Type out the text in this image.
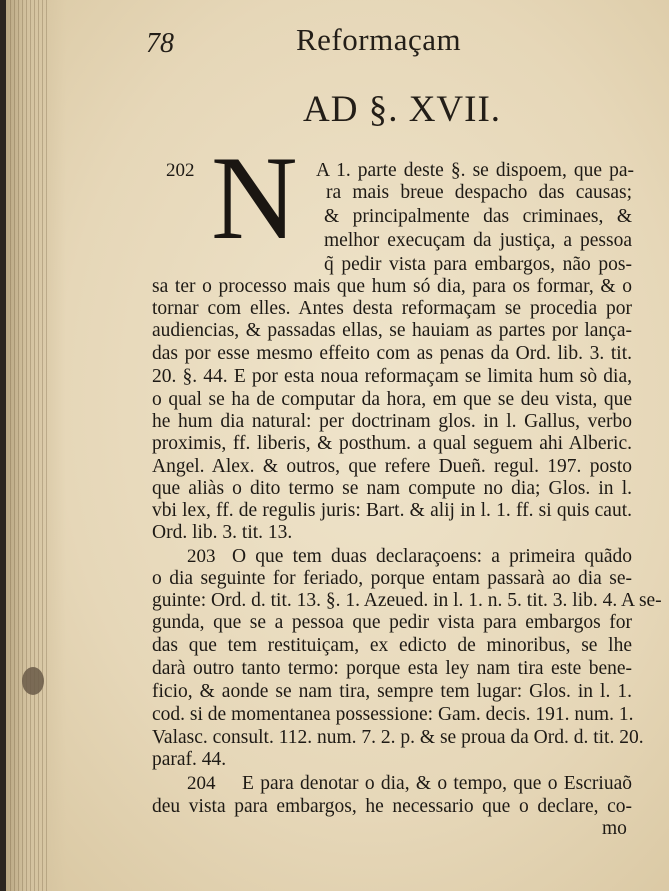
78	Reformaçam
AD §. XVII.
202 N A 1. parte deste §. se dispoem, que pa-
ra mais breue despacho das causas;
& principalmente das criminaes, &
melhor execuçam da justiça, a pessoa
q̃ pedir vista para embargos, não pos-
sa ter o processo mais que hum só dia, para os formar, & o
tornar com elles. Antes desta reformaçam se procedia por
audiencias, & passadas ellas, se hauiam as partes por lança-
das por esse mesmo effeito com as penas da Ord. lib. 3. tit.
20. §. 44. E por esta noua reformaçam se limita hum sò dia,
o qual se ha de computar da hora, em que se deu vista, que
he hum dia natural: per doctrinam glos. in l. Gallus, verbo
proximis, ff. liberis, & posthum. a qual seguem ahi Alberic.
Angel. Alex. & outros, que refere Dueñ. regul. 197. posto
que aliàs o dito termo se nam compute no dia; Glos. in l.
vbi lex, ff. de regulis juris: Bart. & alij in l. 1. ff. si quis caut.
Ord. lib. 3. tit. 13.
203 O que tem duas declaraçoens: a primeira quãdo
o dia seguinte for feriado, porque entam passarà ao dia se-
guinte: Ord. d. tit. 13. §. 1. Azeued. in l. 1. n. 5. tit. 3. lib. 4. A se-
gunda, que se a pessoa que pedir vista para embargos for
das que tem restituiçam, ex edicto de minoribus, se lhe
darà outro tanto termo: porque esta ley nam tira este bene-
ficio, & aonde se nam tira, sempre tem lugar: Glos. in l. 1.
cod. si de momentanea possessione: Gam. decis. 191. num. 1.
Valasc. consult. 112. num. 7. 2. p. & se proua da Ord. d. tit. 20.
paraf. 44.
204 E para denotar o dia, & o tempo, que o Escriuaõ
deu vista para embargos, he necessario que o declare, co-
mo
